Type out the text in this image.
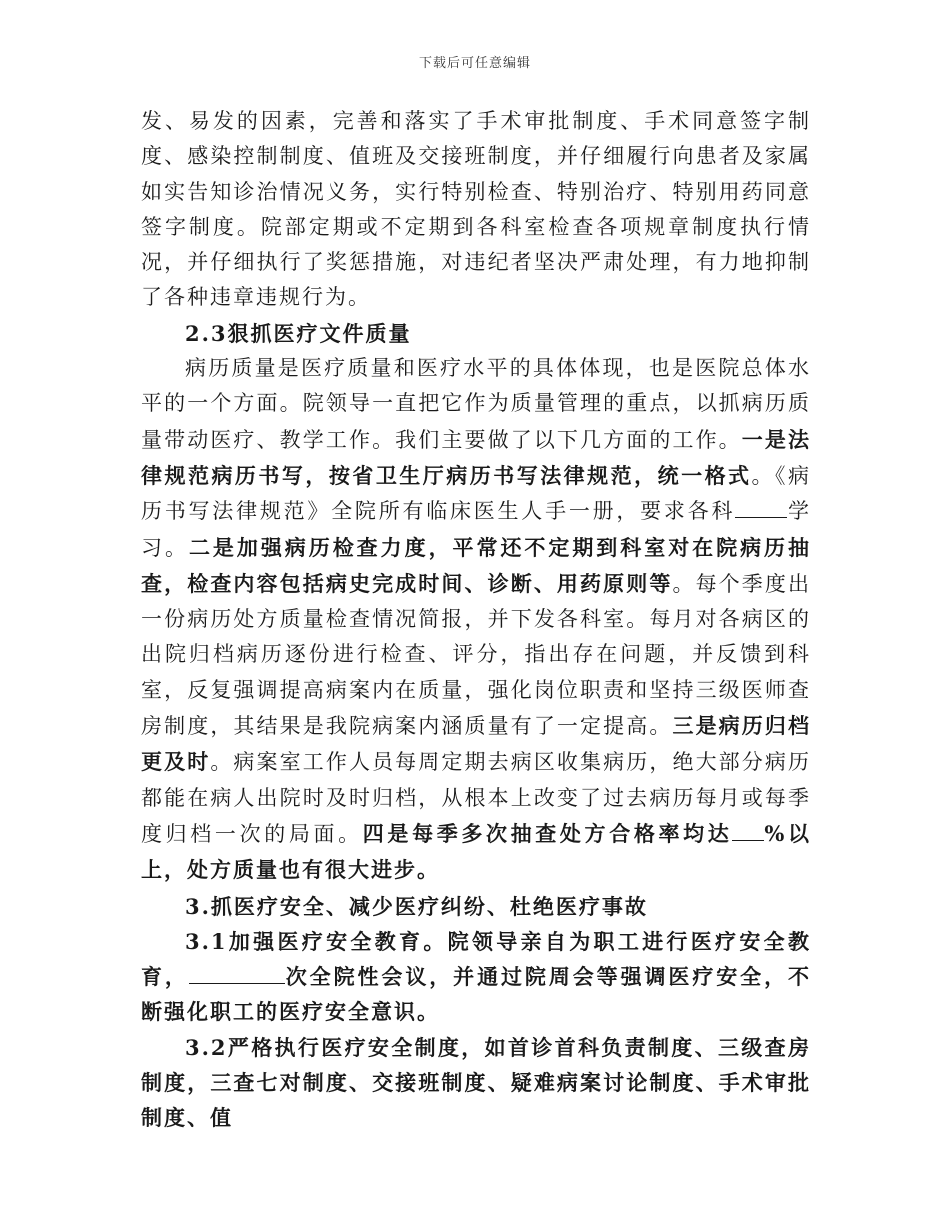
下载后可任意编辑

发、易发的因素，完善和落实了手术审批制度、手术同意签字制度、感染控制制度、值班及交接班制度，并仔细履行向患者及家属如实告知诊治情况义务，实行特别检查、特别治疗、特别用药同意签字制度。院部定期或不定期到各科室检查各项规章制度执行情况，并仔细执行了奖惩措施，对违纪者坚决严肃处理，有力地抑制了各种违章违规行为。

2.3狠抓医疗文件质量

病历质量是医疗质量和医疗水平的具体体现，也是医院总体水平的一个方面。院领导一直把它作为质量管理的重点，以抓病历质量带动医疗、教学工作。我们主要做了以下几方面的工作。一是法律规范病历书写，按省卫生厅病历书写法律规范，统一格式。《病历书写法律规范》全院所有临床医生人手一册，要求各科 学习。二是加强病历检查力度，平常还不定期到科室对在院病历抽查，检查内容包括病史完成时间、诊断、用药原则等。每个季度出一份病历处方质量检查情况简报，并下发各科室。每月对各病区的出院归档病历逐份进行检查、评分，指出存在问题，并反馈到科室，反复强调提高病案内在质量，强化岗位职责和坚持三级医师查房制度，其结果是我院病案内涵质量有了一定提高。三是病历归档更及时。病案室工作人员每周定期去病区收集病历，绝大部分病历都能在病人出院时及时归档，从根本上改变了过去病历每月或每季度归档一次的局面。四是每季多次抽查处方合格率均达 %以上，处方质量也有很大进步。

3.抓医疗安全、减少医疗纠纷、杜绝医疗事故

3.1加强医疗安全教育。院领导亲自为职工进行医疗安全教育，	次全院性会议，并通过院周会等强调医疗安全，不断强化职工的医疗安全意识。

3.2严格执行医疗安全制度，如首诊首科负责制度、三级查房制度，三查七对制度、交接班制度、疑难病案讨论制度、手术审批制度、值
